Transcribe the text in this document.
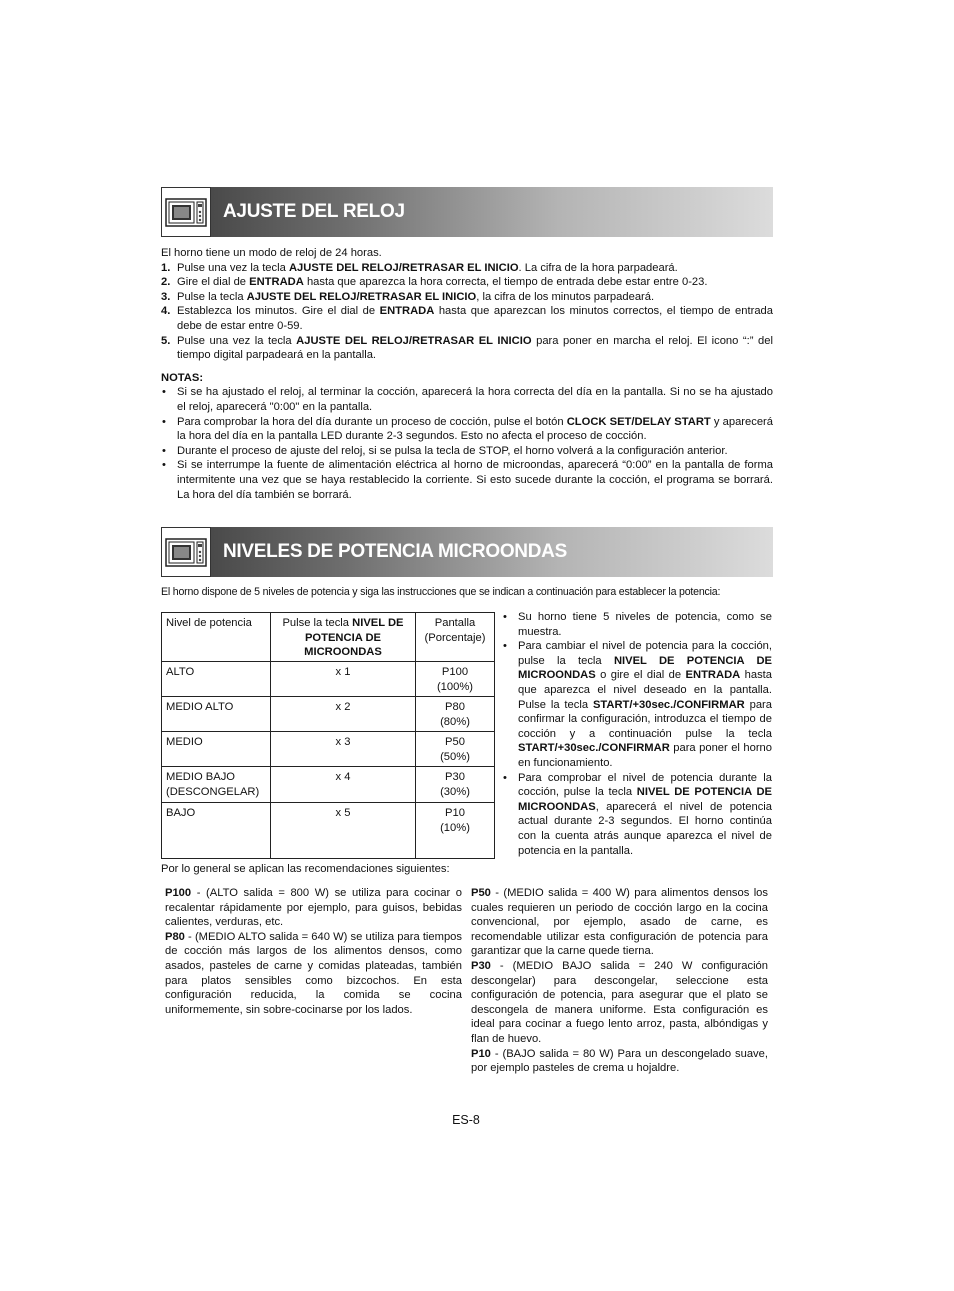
AJUSTE DEL RELOJ
El horno tiene un modo de reloj de 24 horas.
1. Pulse una vez la tecla AJUSTE DEL RELOJ/RETRASAR EL INICIO. La cifra de la hora parpadeará.
2. Gire el dial de ENTRADA hasta que aparezca la hora correcta, el tiempo de entrada debe estar entre 0-23.
3. Pulse la tecla AJUSTE DEL RELOJ/RETRASAR EL INICIO, la cifra de los minutos parpadeará.
4. Establezca los minutos. Gire el dial de ENTRADA hasta que aparezcan los minutos correctos, el tiempo de entrada debe de estar entre 0-59.
5. Pulse una vez la tecla AJUSTE DEL RELOJ/RETRASAR EL INICIO para poner en marcha el reloj. El icono “:” del tiempo digital parpadeará en la pantalla.
NOTAS:
• Si se ha ajustado el reloj, al terminar la cocción, aparecerá la hora correcta del día en la pantalla. Si no se ha ajustado el reloj, aparecerá "0:00" en la pantalla.
• Para comprobar la hora del día durante un proceso de cocción, pulse el botón CLOCK SET/DELAY START y aparecerá la hora del día en la pantalla LED durante 2-3 segundos. Esto no afecta el proceso de cocción.
• Durante el proceso de ajuste del reloj, si se pulsa la tecla de STOP, el horno volverá a la configuración anterior.
• Si se interrumpe la fuente de alimentación eléctrica al horno de microondas, aparecerá “0:00” en la pantalla de forma intermitente una vez que se haya restablecido la corriente. Si esto sucede durante la cocción, el programa se borrará. La hora del día también se borrará.
NIVELES DE POTENCIA MICROONDAS
El horno dispone de 5 niveles de potencia y siga las instrucciones que se indican a continuación para establecer la potencia:
Nivel de potencia	Pulse la tecla NIVEL DE POTENCIA DE MICROONDAS	Pantalla (Porcentaje)
ALTO	x 1	P100
(100%)

MEDIO ALTO	x 2	P80
(80%)

MEDIO	x 3	P50
(50%)

MEDIO BAJO (DESCONGELAR)	x 4	P30
(30%)

BAJO	x 5	P10
(10%)
• Su horno tiene 5 niveles de potencia, como se muestra.
• Para cambiar el nivel de potencia para la cocción, pulse la tecla NIVEL DE POTENCIA DE MICROONDAS o gire el dial de ENTRADA hasta que aparezca el nivel deseado en la pantalla. Pulse la tecla START/+30sec./CONFIRMAR para confirmar la configuración, introduzca el tiempo de cocción y a continuación pulse la tecla START/+30sec./CONFIRMAR para poner el horno en funcionamiento.
• Para comprobar el nivel de potencia durante la cocción, pulse la tecla NIVEL DE POTENCIA DE MICROONDAS, aparecerá el nivel de potencia actual durante 2-3 segundos. El horno continúa con la cuenta atrás aunque aparezca el nivel de potencia en la pantalla.
Por lo general se aplican las recomendaciones siguientes:
P100 - (ALTO salida = 800 W) se utiliza para cocinar o recalentar rápidamente por ejemplo, para guisos, bebidas calientes, verduras, etc.
P80 - (MEDIO ALTO salida = 640 W) se utiliza para tiempos de cocción más largos de los alimentos densos, como asados, pasteles de carne y comidas plateadas, también para platos sensibles como bizcochos. En esta configuración reducida, la comida se cocina uniformemente, sin sobre-cocinarse por los lados.
P50 - (MEDIO salida = 400 W) para alimentos densos los cuales requieren un periodo de cocción largo en la cocina convencional, por ejemplo, asado de carne, es recomendable utilizar esta configuración de potencia para garantizar que la carne quede tierna.
P30 - (MEDIO BAJO salida = 240 W configuración descongelar) para descongelar, seleccione esta configuración de potencia, para asegurar que el plato se descongela de manera uniforme. Esta configuración es ideal para cocinar a fuego lento arroz, pasta, albóndigas y flan de huevo.
P10 - (BAJO salida = 80 W) Para un descongelado suave, por ejemplo pasteles de crema u hojaldre.
ES-8
